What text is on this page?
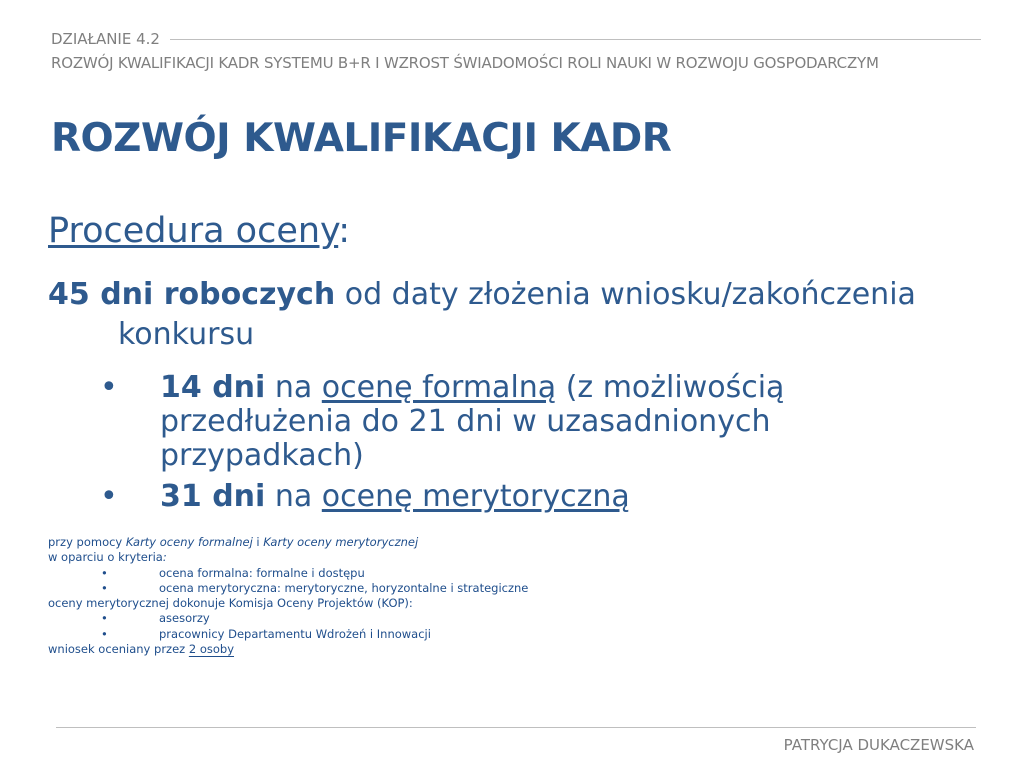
DZIAŁANIE 4.2
ROZWÓJ KWALIFIKACJI KADR SYSTEMU B+R I WZROST ŚWIADOMOŚCI ROLI NAUKI W ROZWOJU GOSPODARCZYM
ROZWÓJ KWALIFIKACJI KADR
Procedura oceny:
45 dni roboczych od daty złożenia wniosku/zakończenia
konkursu
• 14 dni na ocenę formalną (z możliwością przedłużenia do 21 dni w uzasadnionych przypadkach)
• 31 dni na ocenę merytoryczną
przy pomocy Karty oceny formalnej i Karty oceny merytorycznej
w oparciu o kryteria:
•	ocena formalna: formalne i dostępu
•	ocena merytoryczna: merytoryczne, horyzontalne i strategiczne
oceny merytorycznej dokonuje Komisja Oceny Projektów (KOP):
•	asesorzy
•	pracownicy Departamentu Wdrożeń i Innowacji
wniosek oceniany przez 2 osoby
PATRYCJA DUKACZEWSKA
